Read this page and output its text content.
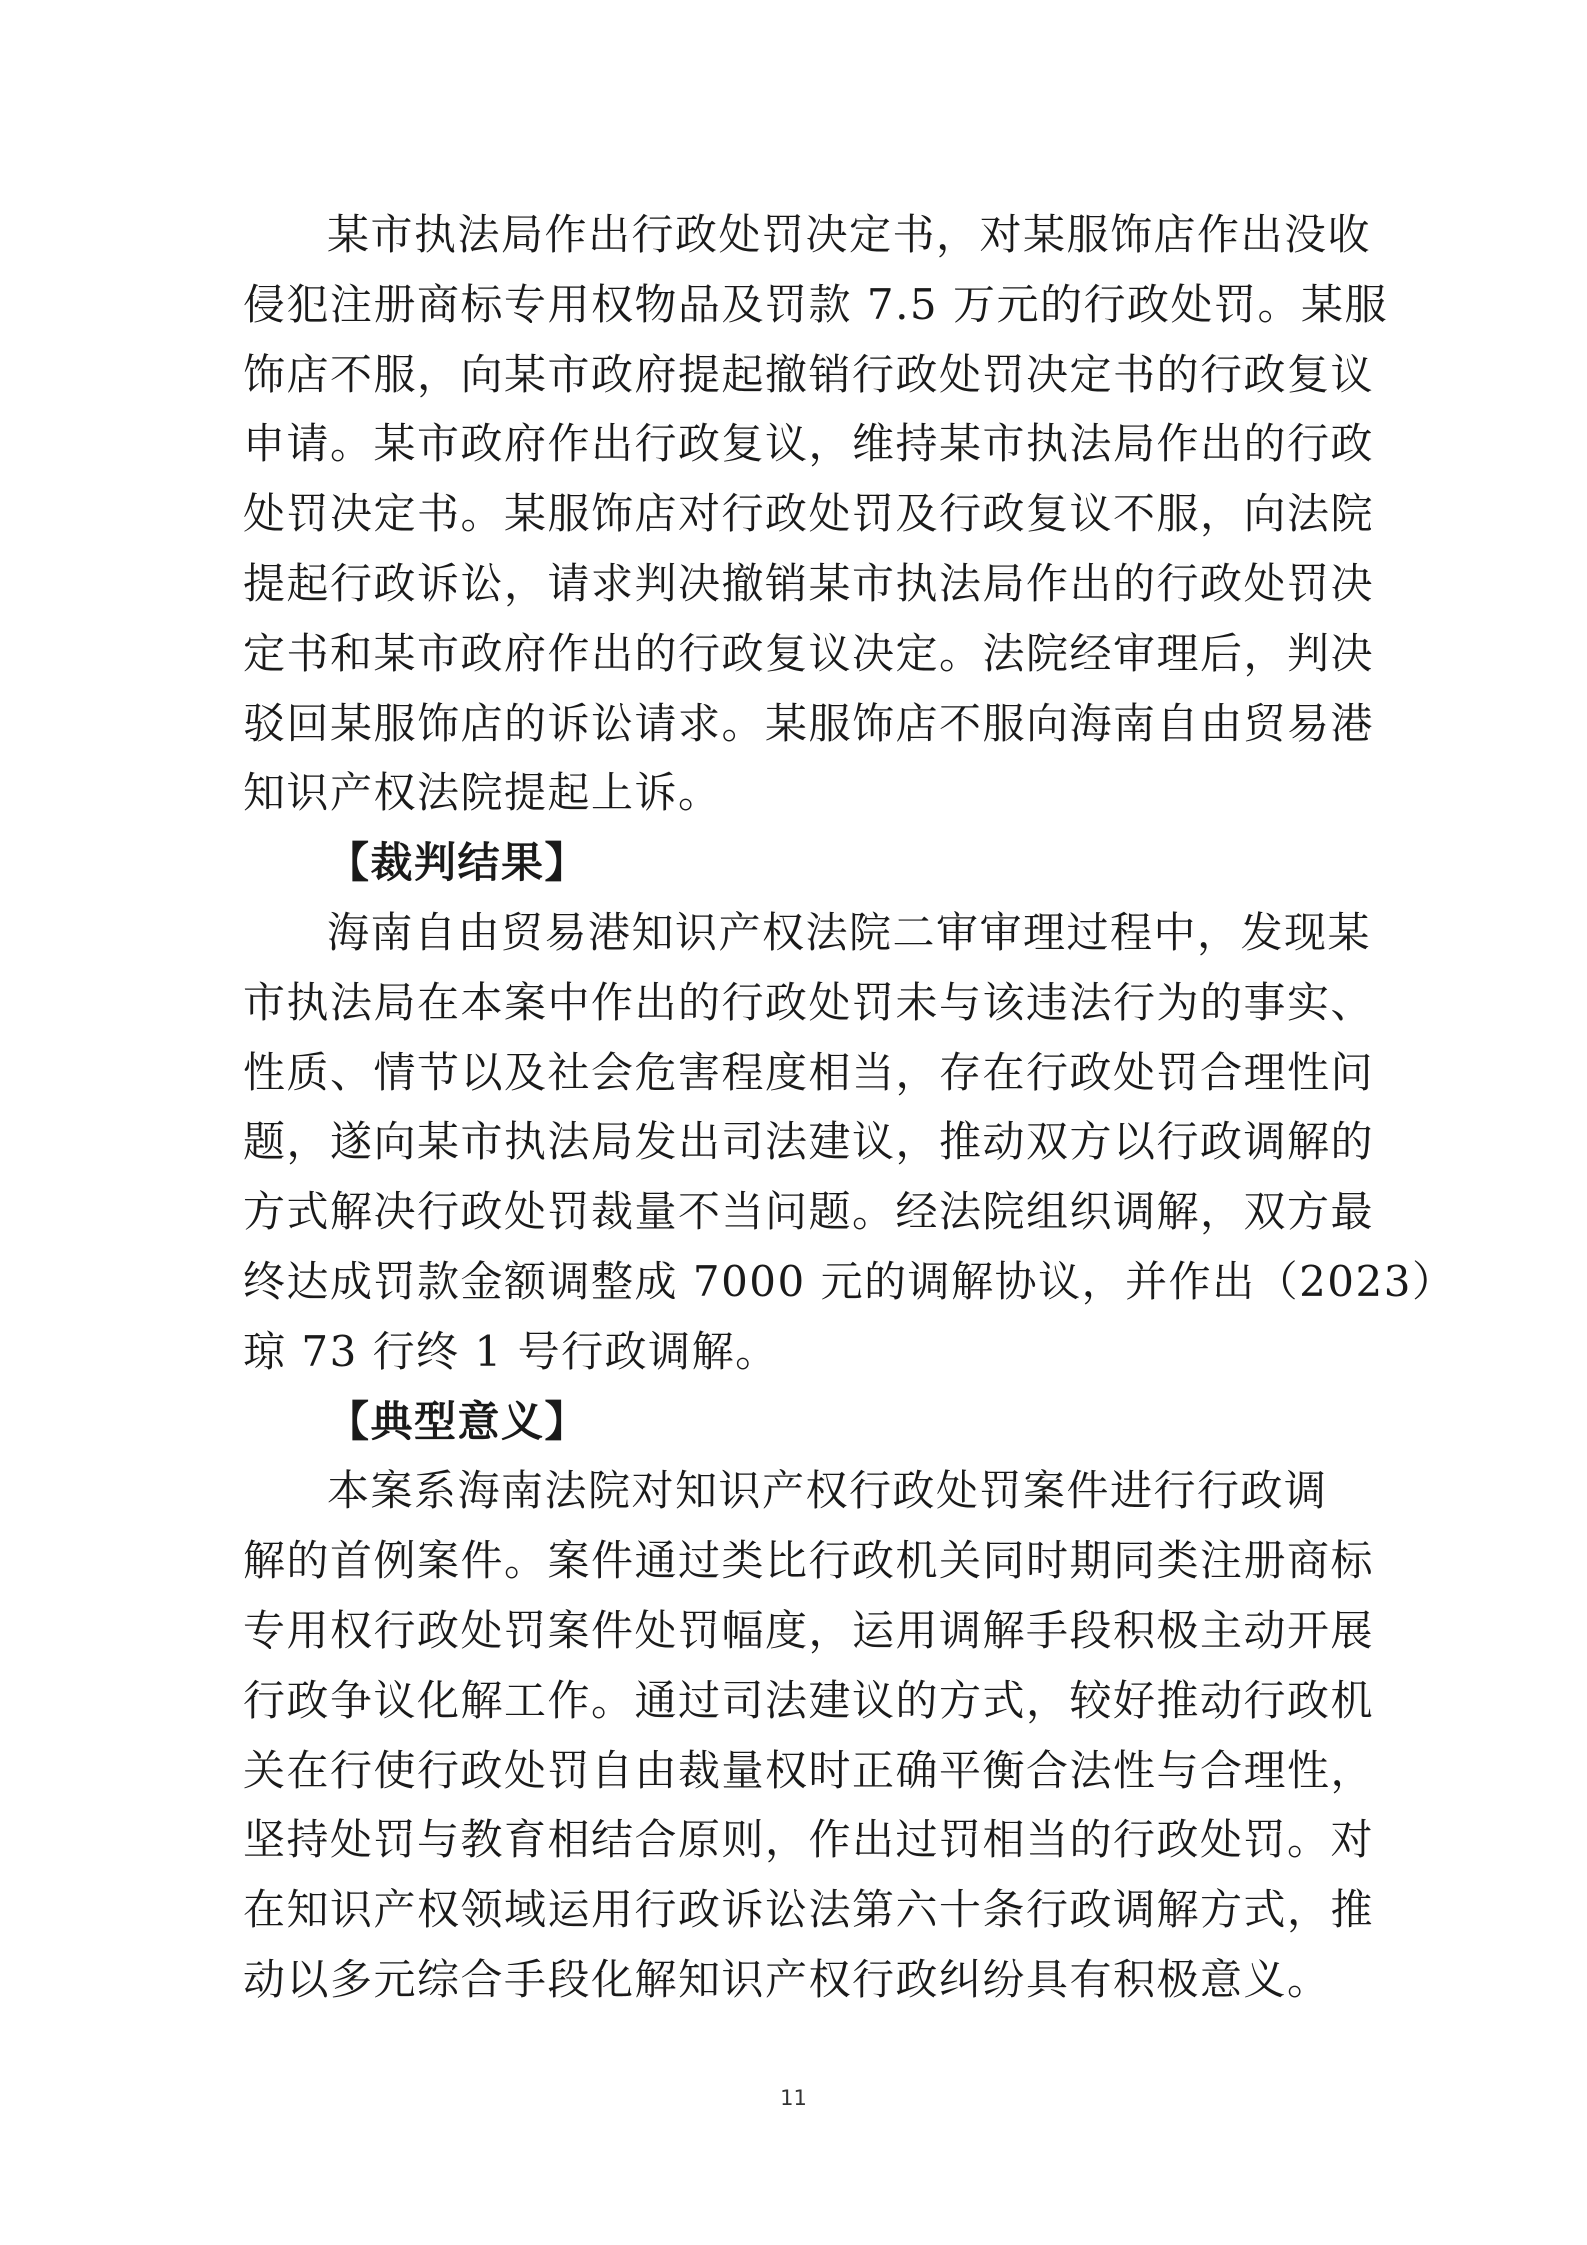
某市执法局作出行政处罚决定书，对某服饰店作出没收
侵犯注册商标专用权物品及罚款 7.5 万元的行政处罚。某服
饰店不服，向某市政府提起撤销行政处罚决定书的行政复议
申请。某市政府作出行政复议，维持某市执法局作出的行政
处罚决定书。某服饰店对行政处罚及行政复议不服，向法院
提起行政诉讼，请求判决撤销某市执法局作出的行政处罚决
定书和某市政府作出的行政复议决定。法院经审理后，判决
驳回某服饰店的诉讼请求。某服饰店不服向海南自由贸易港
知识产权法院提起上诉。
【裁判结果】
海南自由贸易港知识产权法院二审审理过程中，发现某
市执法局在本案中作出的行政处罚未与该违法行为的事实、
性质、情节以及社会危害程度相当，存在行政处罚合理性问
题，遂向某市执法局发出司法建议，推动双方以行政调解的
方式解决行政处罚裁量不当问题。经法院组织调解，双方最
终达成罚款金额调整成 7000 元的调解协议，并作出（2023）
琼 73 行终 1 号行政调解。
【典型意义】
本案系海南法院对知识产权行政处罚案件进行行政调
解的首例案件。案件通过类比行政机关同时期同类注册商标
专用权行政处罚案件处罚幅度，运用调解手段积极主动开展
行政争议化解工作。通过司法建议的方式，较好推动行政机
关在行使行政处罚自由裁量权时正确平衡合法性与合理性，
坚持处罚与教育相结合原则，作出过罚相当的行政处罚。对
在知识产权领域运用行政诉讼法第六十条行政调解方式，推
动以多元综合手段化解知识产权行政纠纷具有积极意义。
11
